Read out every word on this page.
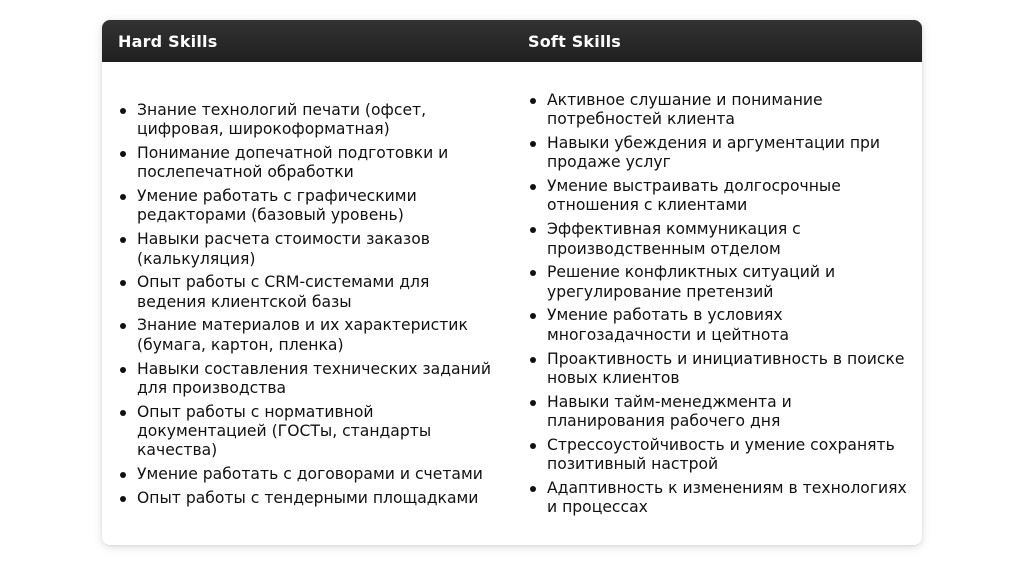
Hard Skills	Soft Skills
Знание технологий печати (офсет, цифровая, широкоформатная)
Понимание допечатной подготовки и послепечатной обработки
Умение работать с графическими редакторами (базовый уровень)
Навыки расчета стоимости заказов (калькуляция)
Опыт работы с CRM-системами для ведения клиентской базы
Знание материалов и их характеристик (бумага, картон, пленка)
Навыки составления технических заданий для производства
Опыт работы с нормативной документацией (ГОСТы, стандарты качества)
Умение работать с договорами и счетами
Опыт работы с тендерными площадками
Активное слушание и понимание потребностей клиента
Навыки убеждения и аргументации при продаже услуг
Умение выстраивать долгосрочные отношения с клиентами
Эффективная коммуникация с производственным отделом
Решение конфликтных ситуаций и урегулирование претензий
Умение работать в условиях многозадачности и цейтнота
Проактивность и инициативность в поиске новых клиентов
Навыки тайм-менеджмента и планирования рабочего дня
Стрессоустойчивость и умение сохранять позитивный настрой
Адаптивность к изменениям в технологиях и процессах
